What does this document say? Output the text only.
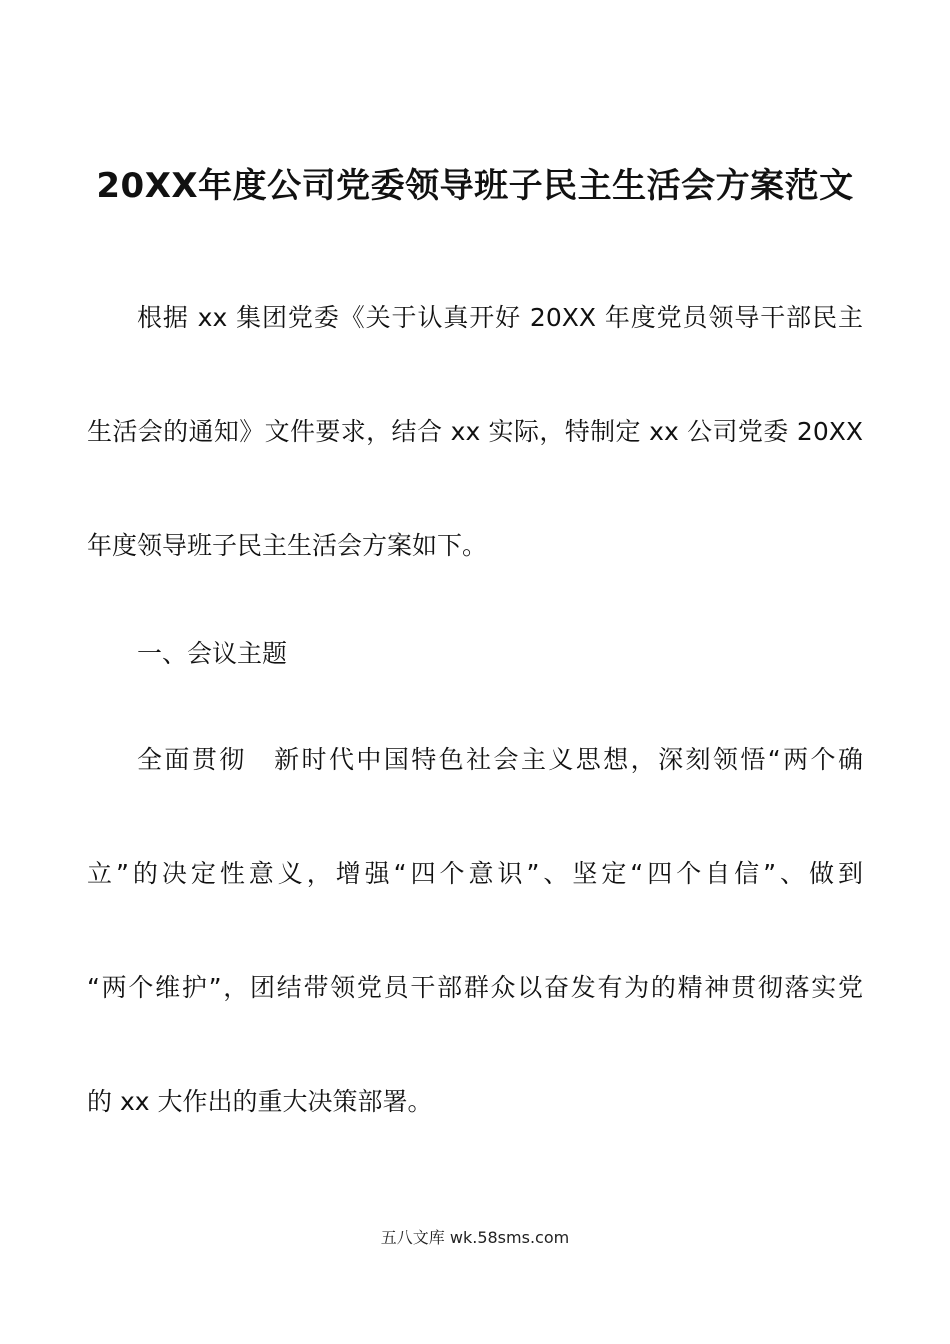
20XX年度公司党委领导班子民主生活会方案范文
根据 xx 集团党委《关于认真开好 20XX 年度党员领导干部民主
生活会的通知》文件要求，结合 xx 实际，特制定 xx 公司党委 20XX
年度领导班子民主生活会方案如下。
一、会议主题
全面贯彻　新时代中国特色社会主义思想，深刻领悟“两个确
立”的决定性意义，增强“四个意识”、坚定“四个自信”、做到
“两个维护”，团结带领党员干部群众以奋发有为的精神贯彻落实党
的 xx 大作出的重大决策部署。
五八文库 wk.58sms.com
